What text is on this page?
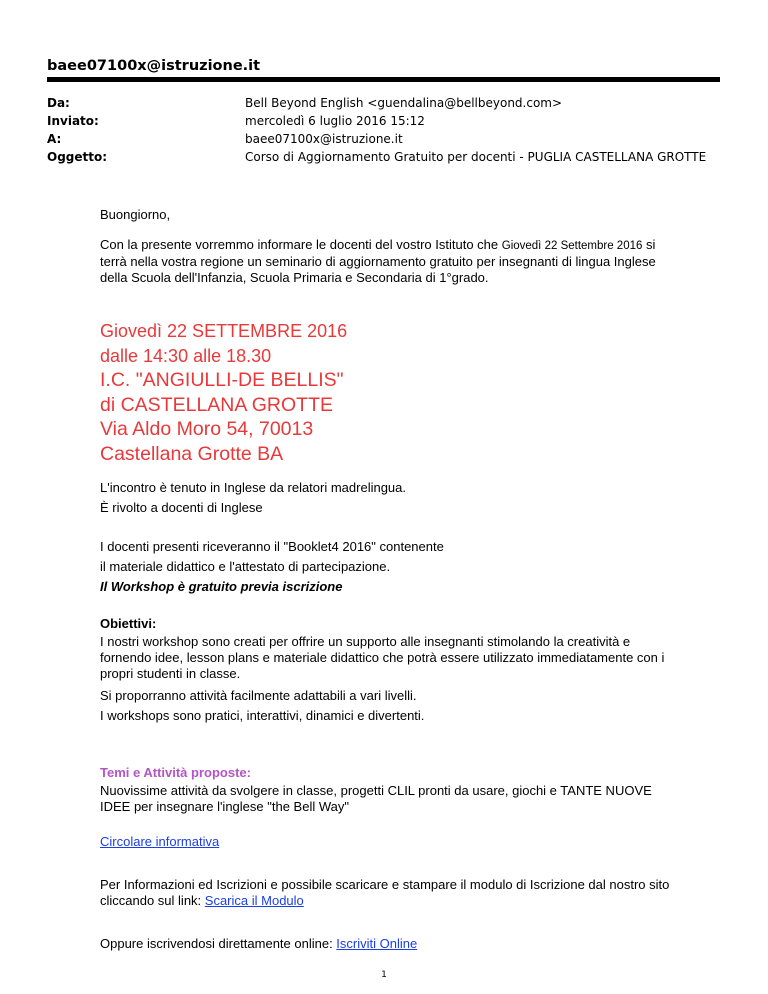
baee07100x@istruzione.it
Da:	Bell Beyond English <guendalina@bellbeyond.com>
Inviato:	mercoledì 6 luglio 2016 15:12
A:	baee07100x@istruzione.it
Oggetto:	Corso di Aggiornamento Gratuito per docenti - PUGLIA CASTELLANA GROTTE

Buongiorno,

Con la presente vorremmo informare le docenti del vostro Istituto che Giovedì 22 Settembre 2016 si terrà nella vostra regione un seminario di aggiornamento gratuito per insegnanti di lingua Inglese della Scuola dell'Infanzia, Scuola Primaria e Secondaria di 1°grado.

Giovedì 22 SETTEMBRE 2016
dalle 14:30 alle 18.30
I.C. "ANGIULLI-DE BELLIS"
di CASTELLANA GROTTE
Via Aldo Moro 54, 70013
Castellana Grotte BA

L'incontro è tenuto in Inglese da relatori madrelingua.

È rivolto a docenti di Inglese

I docenti presenti riceveranno il "Booklet4 2016" contenente

il materiale didattico e l'attestato di partecipazione.

Il Workshop è gratuito previa iscrizione

Obiettivi:

I nostri workshop sono creati per offrire un supporto alle insegnanti stimolando la creatività e fornendo idee, lesson plans e materiale didattico che potrà essere utilizzato immediatamente con i propri studenti in classe.

Si proporranno attività facilmente adattabili a vari livelli.

I workshops sono pratici, interattivi, dinamici e divertenti.

Temi e Attività proposte:

Nuovissime attività da svolgere in classe, progetti CLIL pronti da usare, giochi e TANTE NUOVE IDEE per insegnare l'inglese "the Bell Way"

Circolare informativa

Per Informazioni ed Iscrizioni e possibile scaricare e stampare il modulo di Iscrizione dal nostro sito cliccando sul link: Scarica il Modulo

Oppure iscrivendosi direttamente online: Iscriviti Online

1
